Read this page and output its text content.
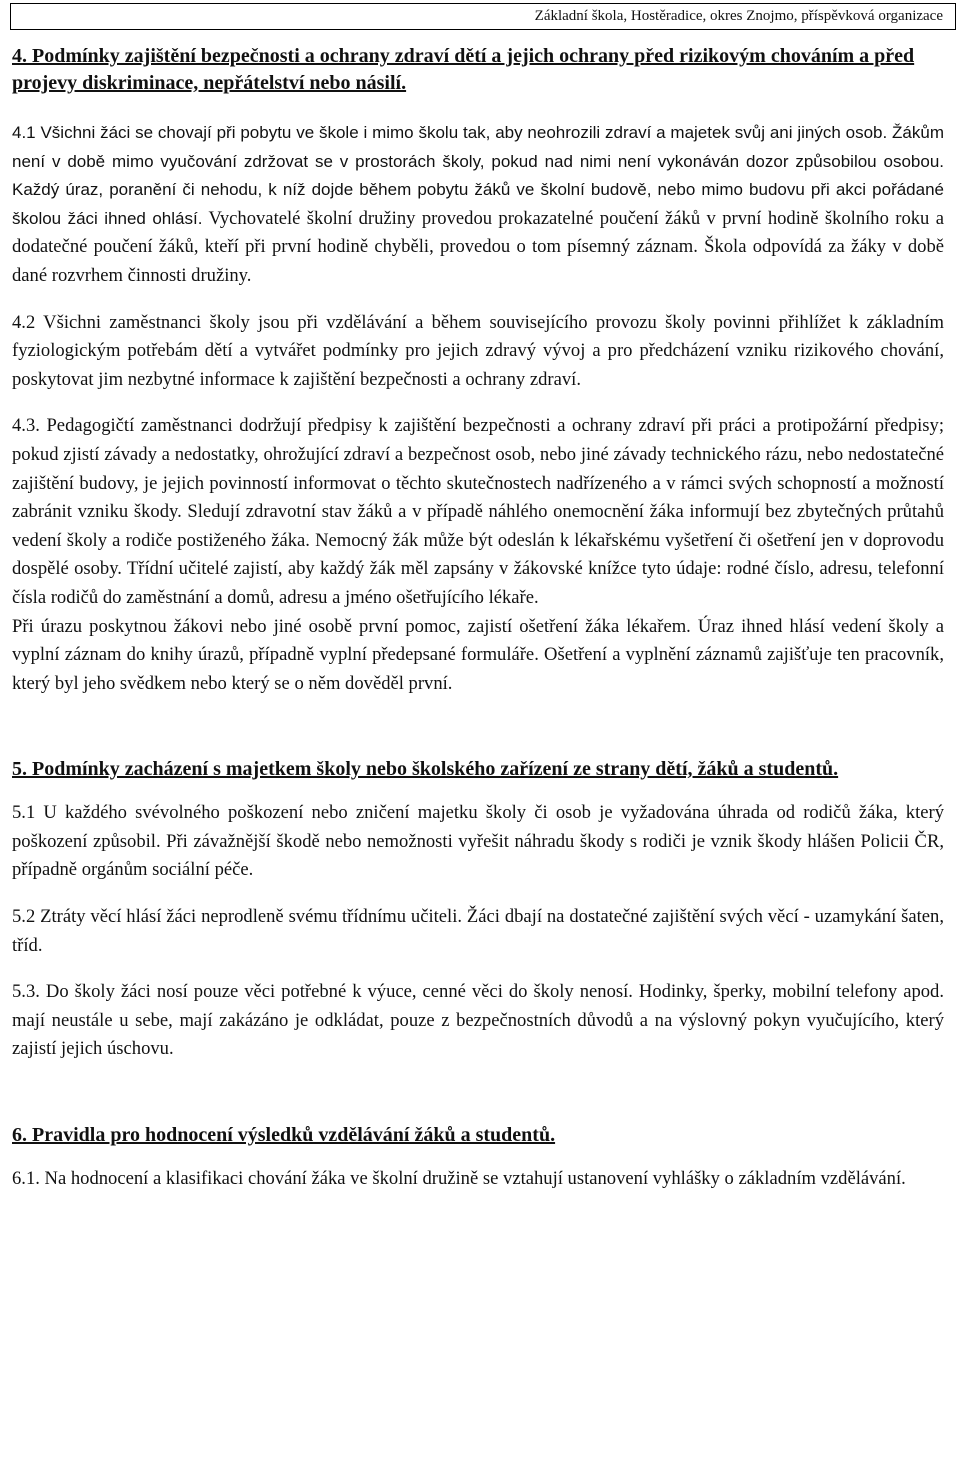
Základní škola, Hostěradice, okres Znojmo, příspěvková organizace
4. Podmínky zajištění bezpečnosti a ochrany zdraví dětí a jejich ochrany před rizikovým chováním a před projevy diskriminace, nepřátelství nebo násilí.

4.1 Všichni žáci se chovají při pobytu ve škole i mimo školu tak, aby neohrozili zdraví a majetek svůj ani jiných osob. Žákům není v době mimo vyučování zdržovat se v prostorách školy, pokud nad nimi není vykonáván dozor způsobilou osobou. Každý úraz, poranění či nehodu, k níž dojde během pobytu žáků ve školní budově, nebo mimo budovu při akci pořádané školou žáci ihned ohlásí. Vychovatelé školní družiny provedou prokazatelné poučení žáků v první hodině školního roku a dodatečné poučení žáků, kteří při první hodině chyběli, provedou o tom písemný záznam. Škola odpovídá za žáky v době dané rozvrhem činnosti družiny.

4.2 Všichni zaměstnanci školy jsou při vzdělávání a během souvisejícího provozu školy povinni přihlížet k základním fyziologickým potřebám dětí a vytvářet podmínky pro jejich zdravý vývoj a pro předcházení vzniku rizikového chování, poskytovat jim nezbytné informace k zajištění bezpečnosti a ochrany zdraví.

4.3. Pedagogičtí zaměstnanci dodržují předpisy k zajištění bezpečnosti a ochrany zdraví při práci a protipožární předpisy; pokud zjistí závady a nedostatky, ohrožující zdraví a bezpečnost osob, nebo jiné závady technického rázu, nebo nedostatečné zajištění budovy, je jejich povinností informovat o těchto skutečnostech nadřízeného a v rámci svých schopností a možností zabránit vzniku škody. Sledují zdravotní stav žáků a v případě náhlého onemocnění žáka informují bez zbytečných průtahů vedení školy a rodiče postiženého žáka. Nemocný žák může být odeslán k lékařskému vyšetření či ošetření jen v doprovodu dospělé osoby. Třídní učitelé zajistí, aby každý žák měl zapsány v žákovské knížce tyto údaje: rodné číslo, adresu, telefonní čísla rodičů do zaměstnání a domů, adresu a jméno ošetřujícího lékaře.

Při úrazu poskytnou žákovi nebo jiné osobě první pomoc, zajistí ošetření žáka lékařem. Úraz ihned hlásí vedení školy a vyplní záznam do knihy úrazů, případně vyplní předepsané formuláře. Ošetření a vyplnění záznamů zajišťuje ten pracovník, který byl jeho svědkem nebo který se o něm dověděl první.

5. Podmínky zacházení s majetkem školy nebo školského zařízení ze strany dětí, žáků a studentů.

5.1 U každého svévolného poškození nebo zničení majetku školy či osob je vyžadována úhrada od rodičů žáka, který poškození způsobil. Při závažnější škodě nebo nemožnosti vyřešit náhradu škody s rodiči je vznik škody hlášen Policii ČR, případně orgánům sociální péče.

5.2 Ztráty věcí hlásí žáci neprodleně svému třídnímu učiteli. Žáci dbají na dostatečné zajištění svých věcí - uzamykání šaten, tříd.

5.3. Do školy žáci nosí pouze věci potřebné k výuce, cenné věci do školy nenosí. Hodinky, šperky, mobilní telefony apod. mají neustále u sebe, mají zakázáno je odkládat, pouze z bezpečnostních důvodů a na výslovný pokyn vyučujícího, který zajistí jejich úschovu.

6. Pravidla pro hodnocení výsledků vzdělávání žáků a studentů.

6.1. Na hodnocení a klasifikaci chování žáka ve školní družině se vztahují ustanovení vyhlášky o základním vzdělávání.
